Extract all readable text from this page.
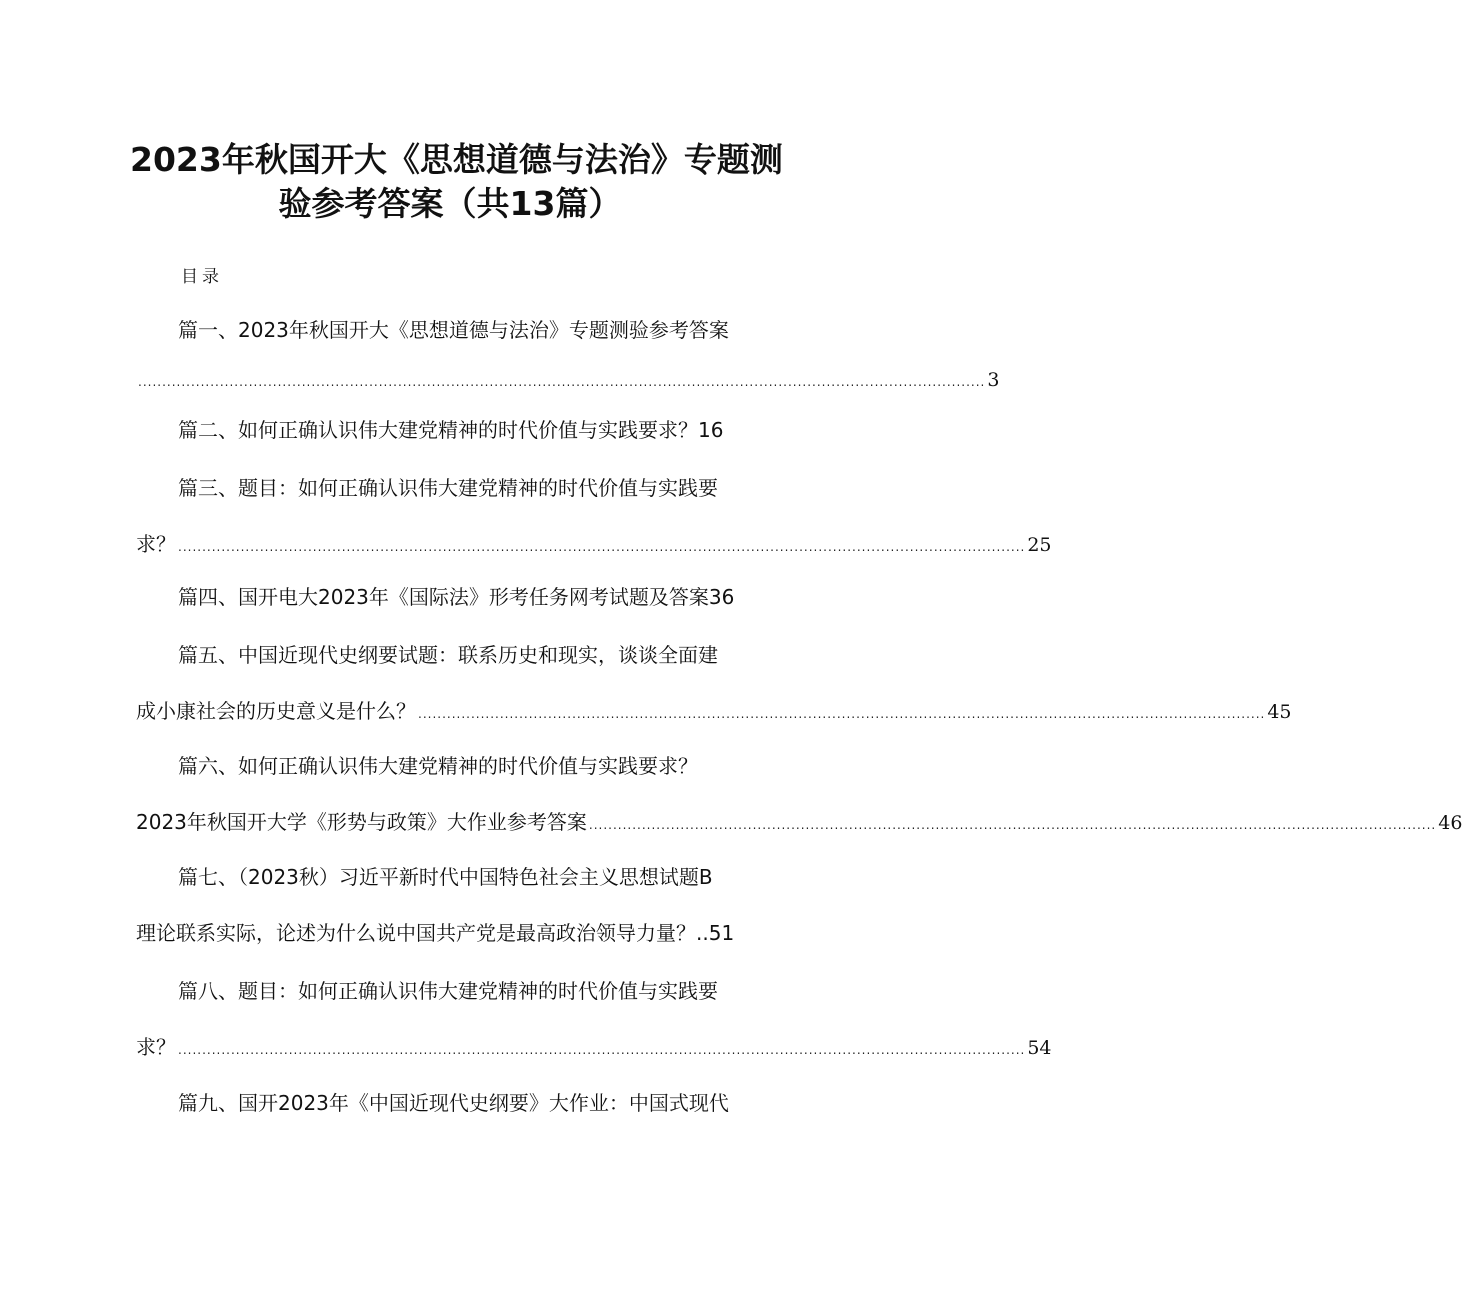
2023年秋国开大《思想道德与法治》专题测
验参考答案（共13篇）
目录
篇一、2023年秋国开大《思想道德与法治》专题测验参考答案
................................................................................................................................................................................ 3
篇二、如何正确认识伟大建党精神的时代价值与实践要求？16
篇三、题目：如何正确认识伟大建党精神的时代价值与实践要
求？ ................................................................................................................................................................................ 25
篇四、国开电大2023年《国际法》形考任务网考试题及答案36
篇五、中国近现代史纲要试题：联系历史和现实，谈谈全面建
成小康社会的历史意义是什么？ ................................................................................................................................................................................ 45
篇六、如何正确认识伟大建党精神的时代价值与实践要求？
2023年秋国开大学《形势与政策》大作业参考答案 ................................................................................................................................................................................ 46
篇七、（2023秋）习近平新时代中国特色社会主义思想试题B
理论联系实际，论述为什么说中国共产党是最高政治领导力量？..51
篇八、题目：如何正确认识伟大建党精神的时代价值与实践要
求？ ................................................................................................................................................................................ 54
篇九、国开2023年《中国近现代史纲要》大作业：中国式现代
